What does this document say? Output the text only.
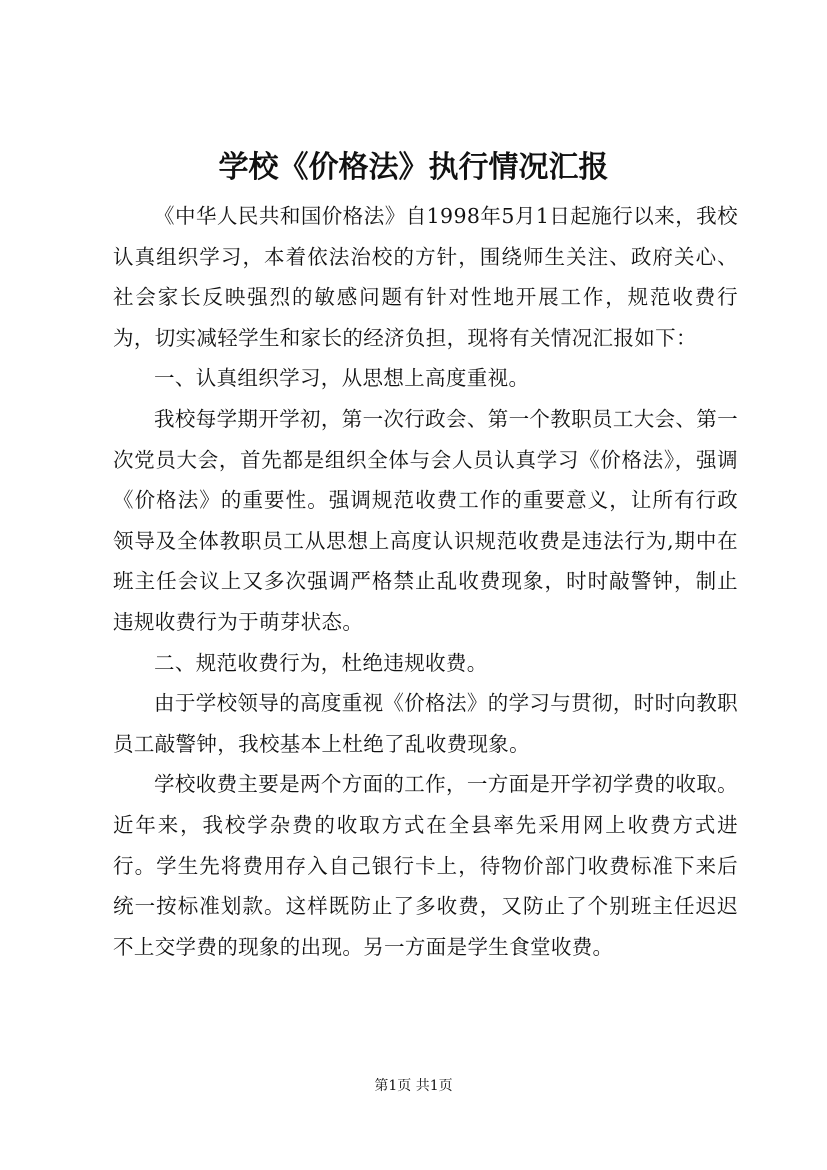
学校《价格法》执行情况汇报

《中华人民共和国价格法》自1998年5月1日起施行以来，我校认真组织学习，本着依法治校的方针，围绕师生关注、政府关心、社会家长反映强烈的敏感问题有针对性地开展工作，规范收费行为，切实减轻学生和家长的经济负担，现将有关情况汇报如下：

一、认真组织学习，从思想上高度重视。

我校每学期开学初，第一次行政会、第一个教职员工大会、第一次党员大会，首先都是组织全体与会人员认真学习《价格法》，强调《价格法》的重要性。强调规范收费工作的重要意义，让所有行政领导及全体教职员工从思想上高度认识规范收费是违法行为,期中在班主任会议上又多次强调严格禁止乱收费现象，时时敲警钟，制止违规收费行为于萌芽状态。

二、规范收费行为，杜绝违规收费。

由于学校领导的高度重视《价格法》的学习与贯彻，时时向教职员工敲警钟，我校基本上杜绝了乱收费现象。

学校收费主要是两个方面的工作，一方面是开学初学费的收取。近年来，我校学杂费的收取方式在全县率先采用网上收费方式进行。学生先将费用存入自己银行卡上，待物价部门收费标准下来后统一按标准划款。这样既防止了多收费，又防止了个别班主任迟迟不上交学费的现象的出现。另一方面是学生食堂收费。

第1页 共1页
